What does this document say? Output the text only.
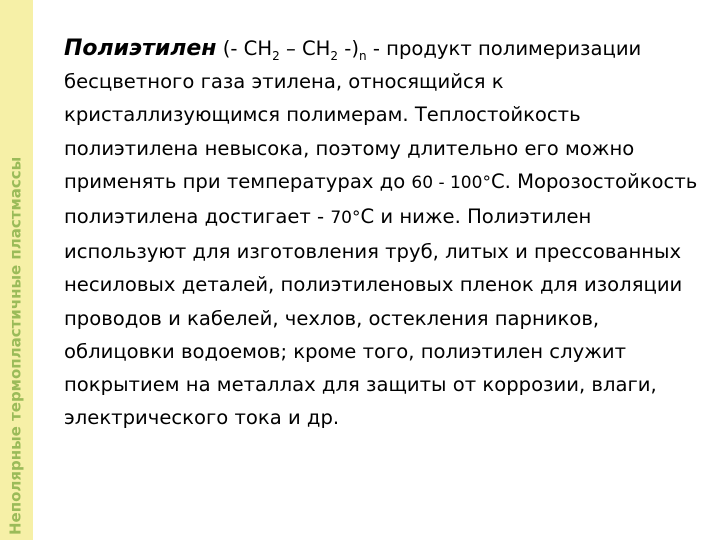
Неполярные термопластичные пластмассы

Полиэтилен (- $CH_2 - CH_2$ $-)_n$ - продукт полимеризации бесцветного газа этилена, относящийся к кристаллизующимся полимерам. Теплостойкость полиэтилена невысока, поэтому длительно его можно применять при температурах до 60 - 100°С. Морозостойкость полиэтилена достигает - 70°С и ниже. Полиэтилен используют для изготовления труб, литых и прессованных несиловых деталей, полиэтиленовых пленок для изоляции проводов и кабелей, чехлов, остекления парников, облицовки водоемов; кроме того, полиэтилен служит покрытием на металлах для защиты от коррозии, влаги, электрического тока и др.
